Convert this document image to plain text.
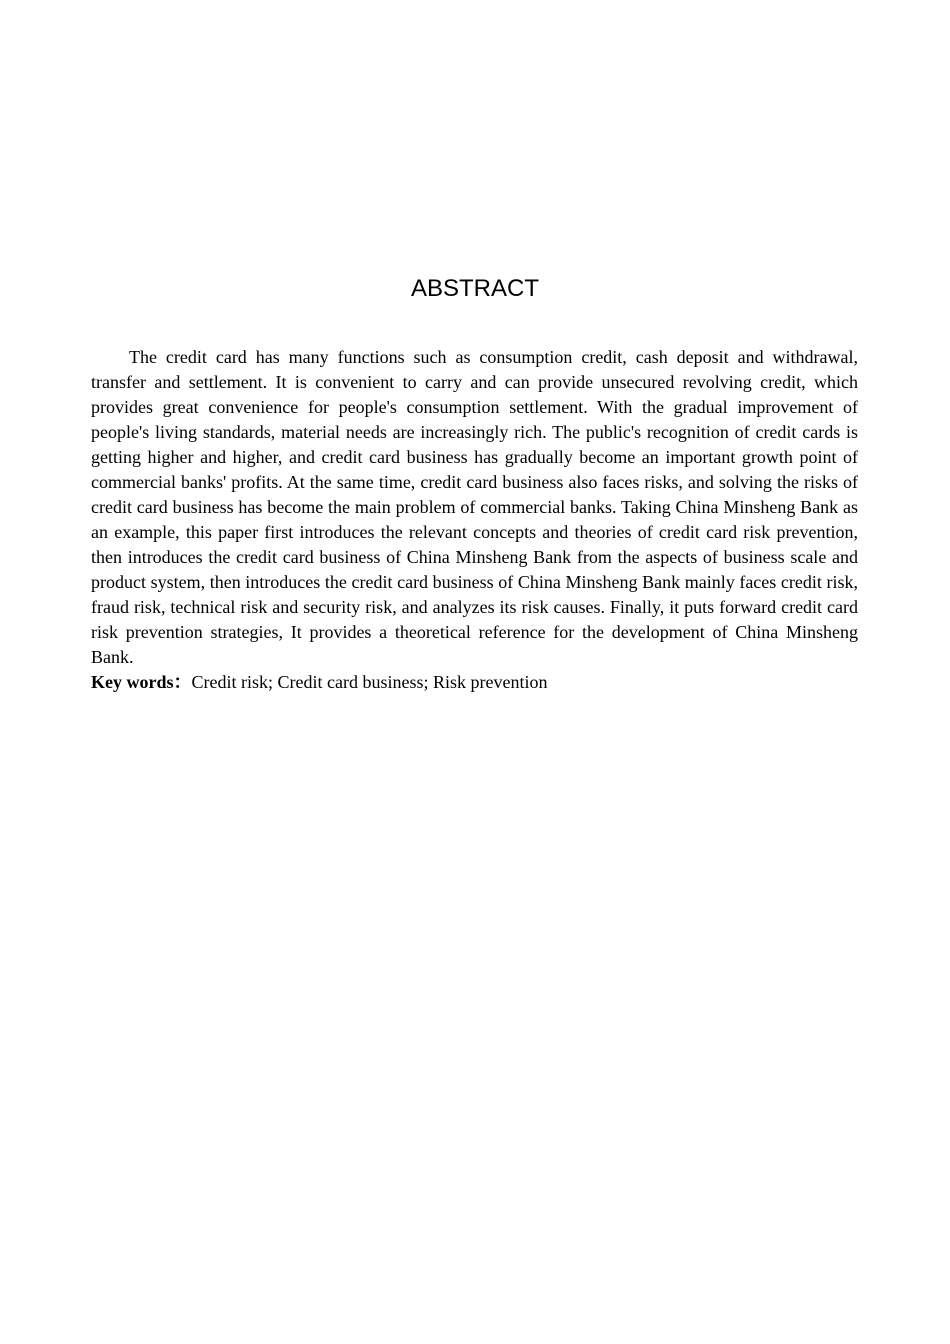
ABSTRACT

The credit card has many functions such as consumption credit, cash deposit and withdrawal, transfer and settlement. It is convenient to carry and can provide unsecured revolving credit, which provides great convenience for people's consumption settlement. With the gradual improvement of people's living standards, material needs are increasingly rich. The public's recognition of credit cards is getting higher and higher, and credit card business has gradually become an important growth point of commercial banks' profits. At the same time, credit card business also faces risks, and solving the risks of credit card business has become the main problem of commercial banks. Taking China Minsheng Bank as an example, this paper first introduces the relevant concepts and theories of credit card risk prevention, then introduces the credit card business of China Minsheng Bank from the aspects of business scale and product system, then introduces the credit card business of China Minsheng Bank mainly faces credit risk, fraud risk, technical risk and security risk, and analyzes its risk causes. Finally, it puts forward credit card risk prevention strategies, It provides a theoretical reference for the development of China Minsheng Bank.

Key words：Credit risk; Credit card business; Risk prevention
